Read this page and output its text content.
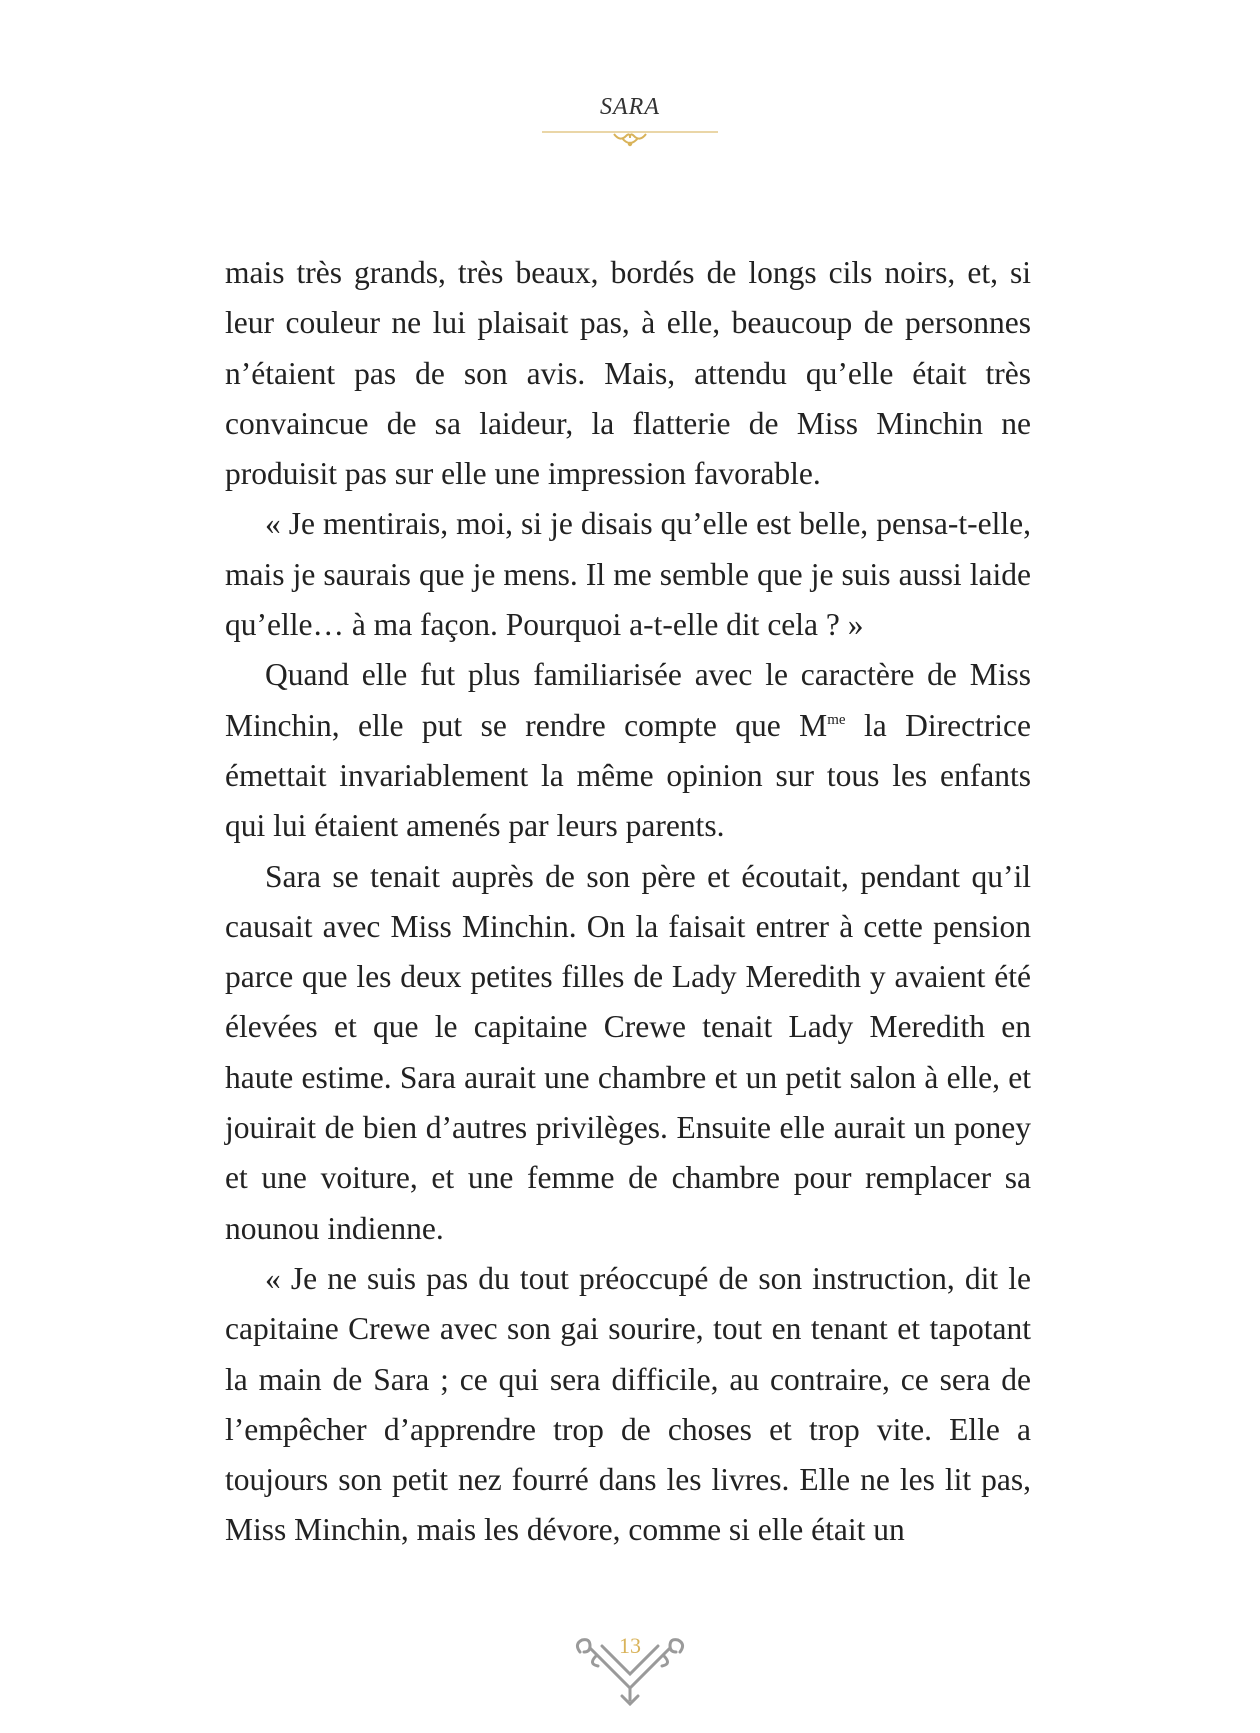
SARA

mais très grands, très beaux, bordés de longs cils noirs, et, si leur couleur ne lui plaisait pas, à elle, beaucoup de personnes n’étaient pas de son avis. Mais, attendu qu’elle était très convaincue de sa laideur, la flatterie de Miss Minchin ne produisit pas sur elle une impression favorable.

« Je mentirais, moi, si je disais qu’elle est belle, pensa-t-elle, mais je saurais que je mens. Il me semble que je suis aussi laide qu’elle… à ma façon. Pourquoi a-t-elle dit cela ? »

Quand elle fut plus familiarisée avec le caractère de Miss Minchin, elle put se rendre compte que $M^{me}$ la Directrice émettait invariablement la même opinion sur tous les enfants qui lui étaient amenés par leurs parents.

Sara se tenait auprès de son père et écoutait, pendant qu’il causait avec Miss Minchin. On la faisait entrer à cette pension parce que les deux petites filles de Lady Meredith y avaient été élevées et que le capitaine Crewe tenait Lady Meredith en haute estime. Sara aurait une chambre et un petit salon à elle, et jouirait de bien d’autres privilèges. Ensuite elle aurait un poney et une voiture, et une femme de chambre pour remplacer sa nounou indienne.

« Je ne suis pas du tout préoccupé de son instruction, dit le capitaine Crewe avec son gai sourire, tout en tenant et tapotant la main de Sara ; ce qui sera difficile, au contraire, ce sera de l’empêcher d’apprendre trop de choses et trop vite. Elle a toujours son petit nez fourré dans les livres. Elle ne les lit pas, Miss Minchin, mais les dévore, comme si elle était un

13
